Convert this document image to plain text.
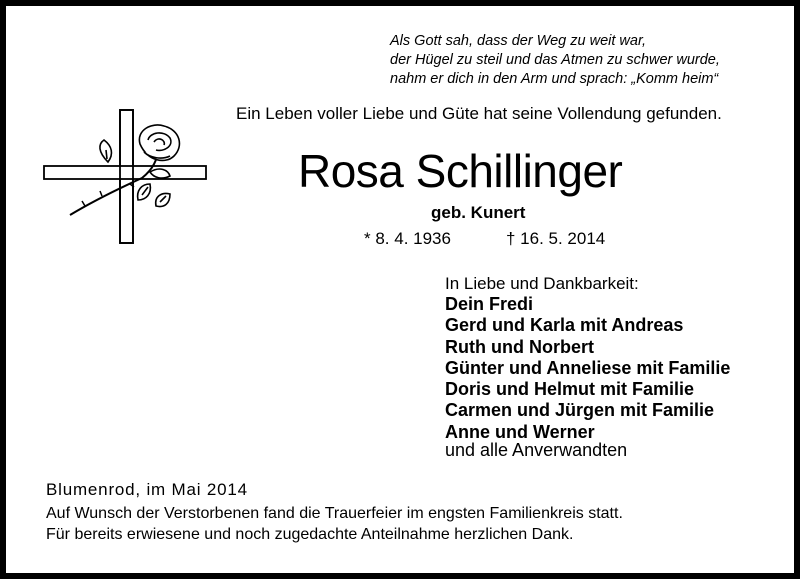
Als Gott sah, dass der Weg zu weit war,
der Hügel zu steil und das Atmen zu schwer wurde,
nahm er dich in den Arm und sprach: „Komm heim“
Ein Leben voller Liebe und Güte hat seine Vollendung gefunden.
Rosa Schillinger
geb. Kunert
* 8. 4. 1936	† 16. 5. 2014
In Liebe und Dankbarkeit:
Dein Fredi
Gerd und Karla mit Andreas
Ruth und Norbert
Günter und Anneliese mit Familie
Doris und Helmut mit Familie
Carmen und Jürgen mit Familie
Anne und Werner
und alle Anverwandten
Blumenrod, im Mai 2014
Auf Wunsch der Verstorbenen fand die Trauerfeier im engsten Familienkreis statt.
Für bereits erwiesene und noch zugedachte Anteilnahme herzlichen Dank.
